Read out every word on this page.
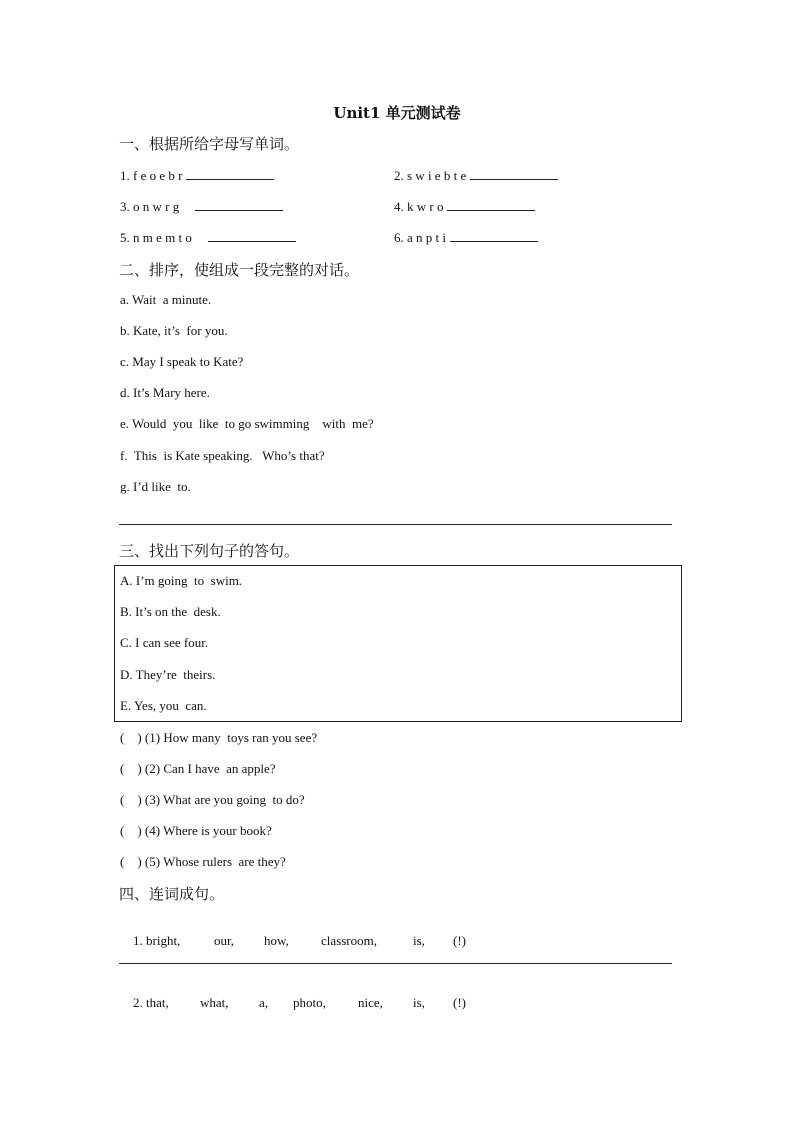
Unit1 单元测试卷
一、根据所给字母写单词。
1. f e o e b r	2. s w i e b t e
3. o n w r g	4. k w r o
5. n m e m t o	6. a n p t i
二、排序，使组成一段完整的对话。
a. Wait  a minute.
b. Kate, it’s  for you.
c. May I speak to Kate?
d. It’s Mary here.
e. Would  you  like  to go swimming    with  me?
f.  This  is Kate speaking.   Who’s that?
g. I’d like  to.
三、找出下列句子的答句。
A. I’m going  to  swim.
B. It’s on the  desk.
C. I can see four.
D. They’re  theirs.
E. Yes, you  can.
(    ) (1) How many  toys ran you see?
(    ) (2) Can I have  an apple?
(    ) (3) What are you going  to do?
(    ) (4) Where is your book?
(    ) (5) Whose rulers  are they?
四、连词成句。

1. bright,	our, how, classroom,	is, (!)

2. that, what, a, photo, nice, is, (!)
